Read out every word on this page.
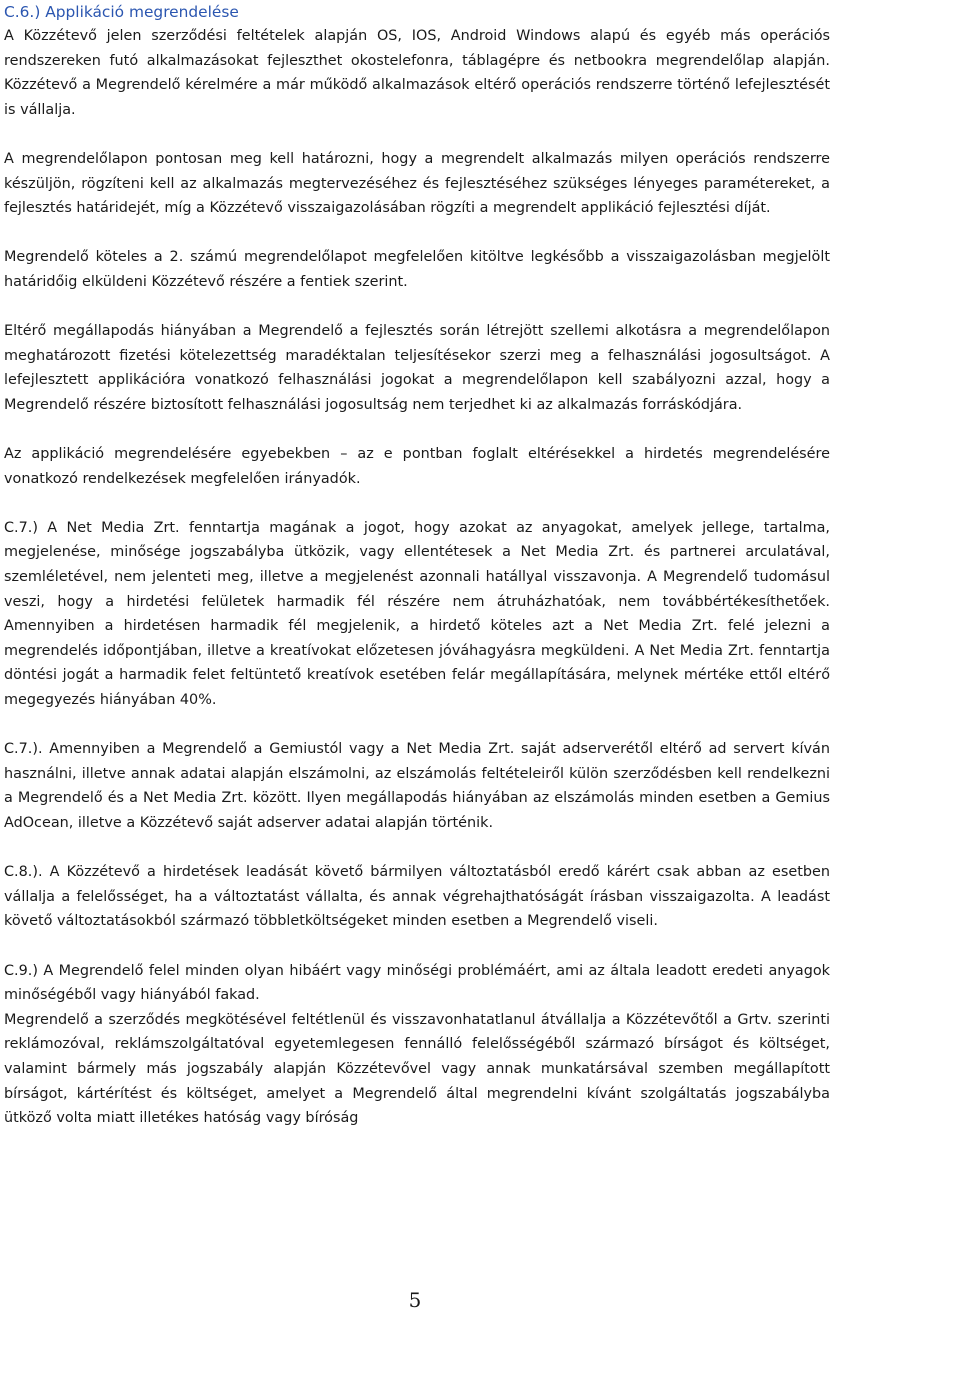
C.6.) Applikáció megrendelése

A Közzétevő jelen szerződési feltételek alapján OS, IOS, Android Windows alapú és egyéb más operációs rendszereken futó alkalmazásokat fejleszthet okostelefonra, táblagépre és netbookra megrendelőlap alapján. Közzétevő a Megrendelő kérelmére a már működő alkalmazások eltérő operációs rendszerre történő lefejlesztését is vállalja.

A megrendelőlapon pontosan meg kell határozni, hogy a megrendelt alkalmazás milyen operációs rendszerre készüljön, rögzíteni kell az alkalmazás megtervezéséhez és fejlesztéséhez szükséges lényeges paramétereket, a fejlesztés határidejét, míg a Közzétevő visszaigazolásában rögzíti a megrendelt applikáció fejlesztési díját.

Megrendelő köteles a 2. számú megrendelőlapot megfelelően kitöltve legkésőbb a visszaigazolásban megjelölt határidőig elküldeni Közzétevő részére a fentiek szerint.

Eltérő megállapodás hiányában a Megrendelő a fejlesztés során létrejött szellemi alkotásra a megrendelőlapon meghatározott fizetési kötelezettség maradéktalan teljesítésekor szerzi meg a felhasználási jogosultságot. A lefejlesztett applikációra vonatkozó felhasználási jogokat a megrendelőlapon kell szabályozni azzal, hogy a Megrendelő részére biztosított felhasználási jogosultság nem terjedhet ki az alkalmazás forráskódjára.

Az applikáció megrendelésére egyebekben – az e pontban foglalt eltérésekkel a hirdetés megrendelésére vonatkozó rendelkezések megfelelően irányadók.

C.7.) A Net Media Zrt. fenntartja magának a jogot, hogy azokat az anyagokat, amelyek jellege, tartalma, megjelenése, minősége jogszabályba ütközik, vagy ellentétesek a Net Media Zrt. és partnerei arculatával, szemléletével, nem jelenteti meg, illetve a megjelenést azonnali hatállyal visszavonja. A Megrendelő tudomásul veszi, hogy a hirdetési felületek harmadik fél részére nem átruházhatóak, nem továbbértékesíthetőek. Amennyiben a hirdetésen harmadik fél megjelenik, a hirdető köteles azt a Net Media Zrt. felé jelezni a megrendelés időpontjában, illetve a kreatívokat előzetesen jóváhagyásra megküldeni. A Net Media Zrt. fenntartja döntési jogát a harmadik felet feltüntető kreatívok esetében felár megállapítására, melynek mértéke ettől eltérő megegyezés hiányában 40%.

C.7.). Amennyiben a Megrendelő a Gemiustól vagy a Net Media Zrt. saját adserverétől eltérő ad servert kíván használni, illetve annak adatai alapján elszámolni, az elszámolás feltételeiről külön szerződésben kell rendelkezni a Megrendelő és a Net Media Zrt. között. Ilyen megállapodás hiányában az elszámolás minden esetben a Gemius AdOcean, illetve a Közzétevő saját adserver adatai alapján történik.

C.8.). A Közzétevő a hirdetések leadását követő bármilyen változtatásból eredő kárért csak abban az esetben vállalja a felelősséget, ha a változtatást vállalta, és annak végrehajthatóságát írásban visszaigazolta. A leadást követő változtatásokból származó többletköltségeket minden esetben a Megrendelő viseli.

C.9.) A Megrendelő felel minden olyan hibáért vagy minőségi problémáért, ami az általa leadott eredeti anyagok minőségéből vagy hiányából fakad.

Megrendelő a szerződés megkötésével feltétlenül és visszavonhatatlanul átvállalja a Közzétevőtől a Grtv. szerinti reklámozóval, reklámszolgáltatóval egyetemlegesen fennálló felelősségéből származó bírságot és költséget, valamint bármely más jogszabály alapján Közzétevővel vagy annak munkatársával szemben megállapított bírságot, kártérítést és költséget, amelyet a Megrendelő által megrendelni kívánt szolgáltatás jogszabályba ütköző volta miatt illetékes hatóság vagy bíróság

5
